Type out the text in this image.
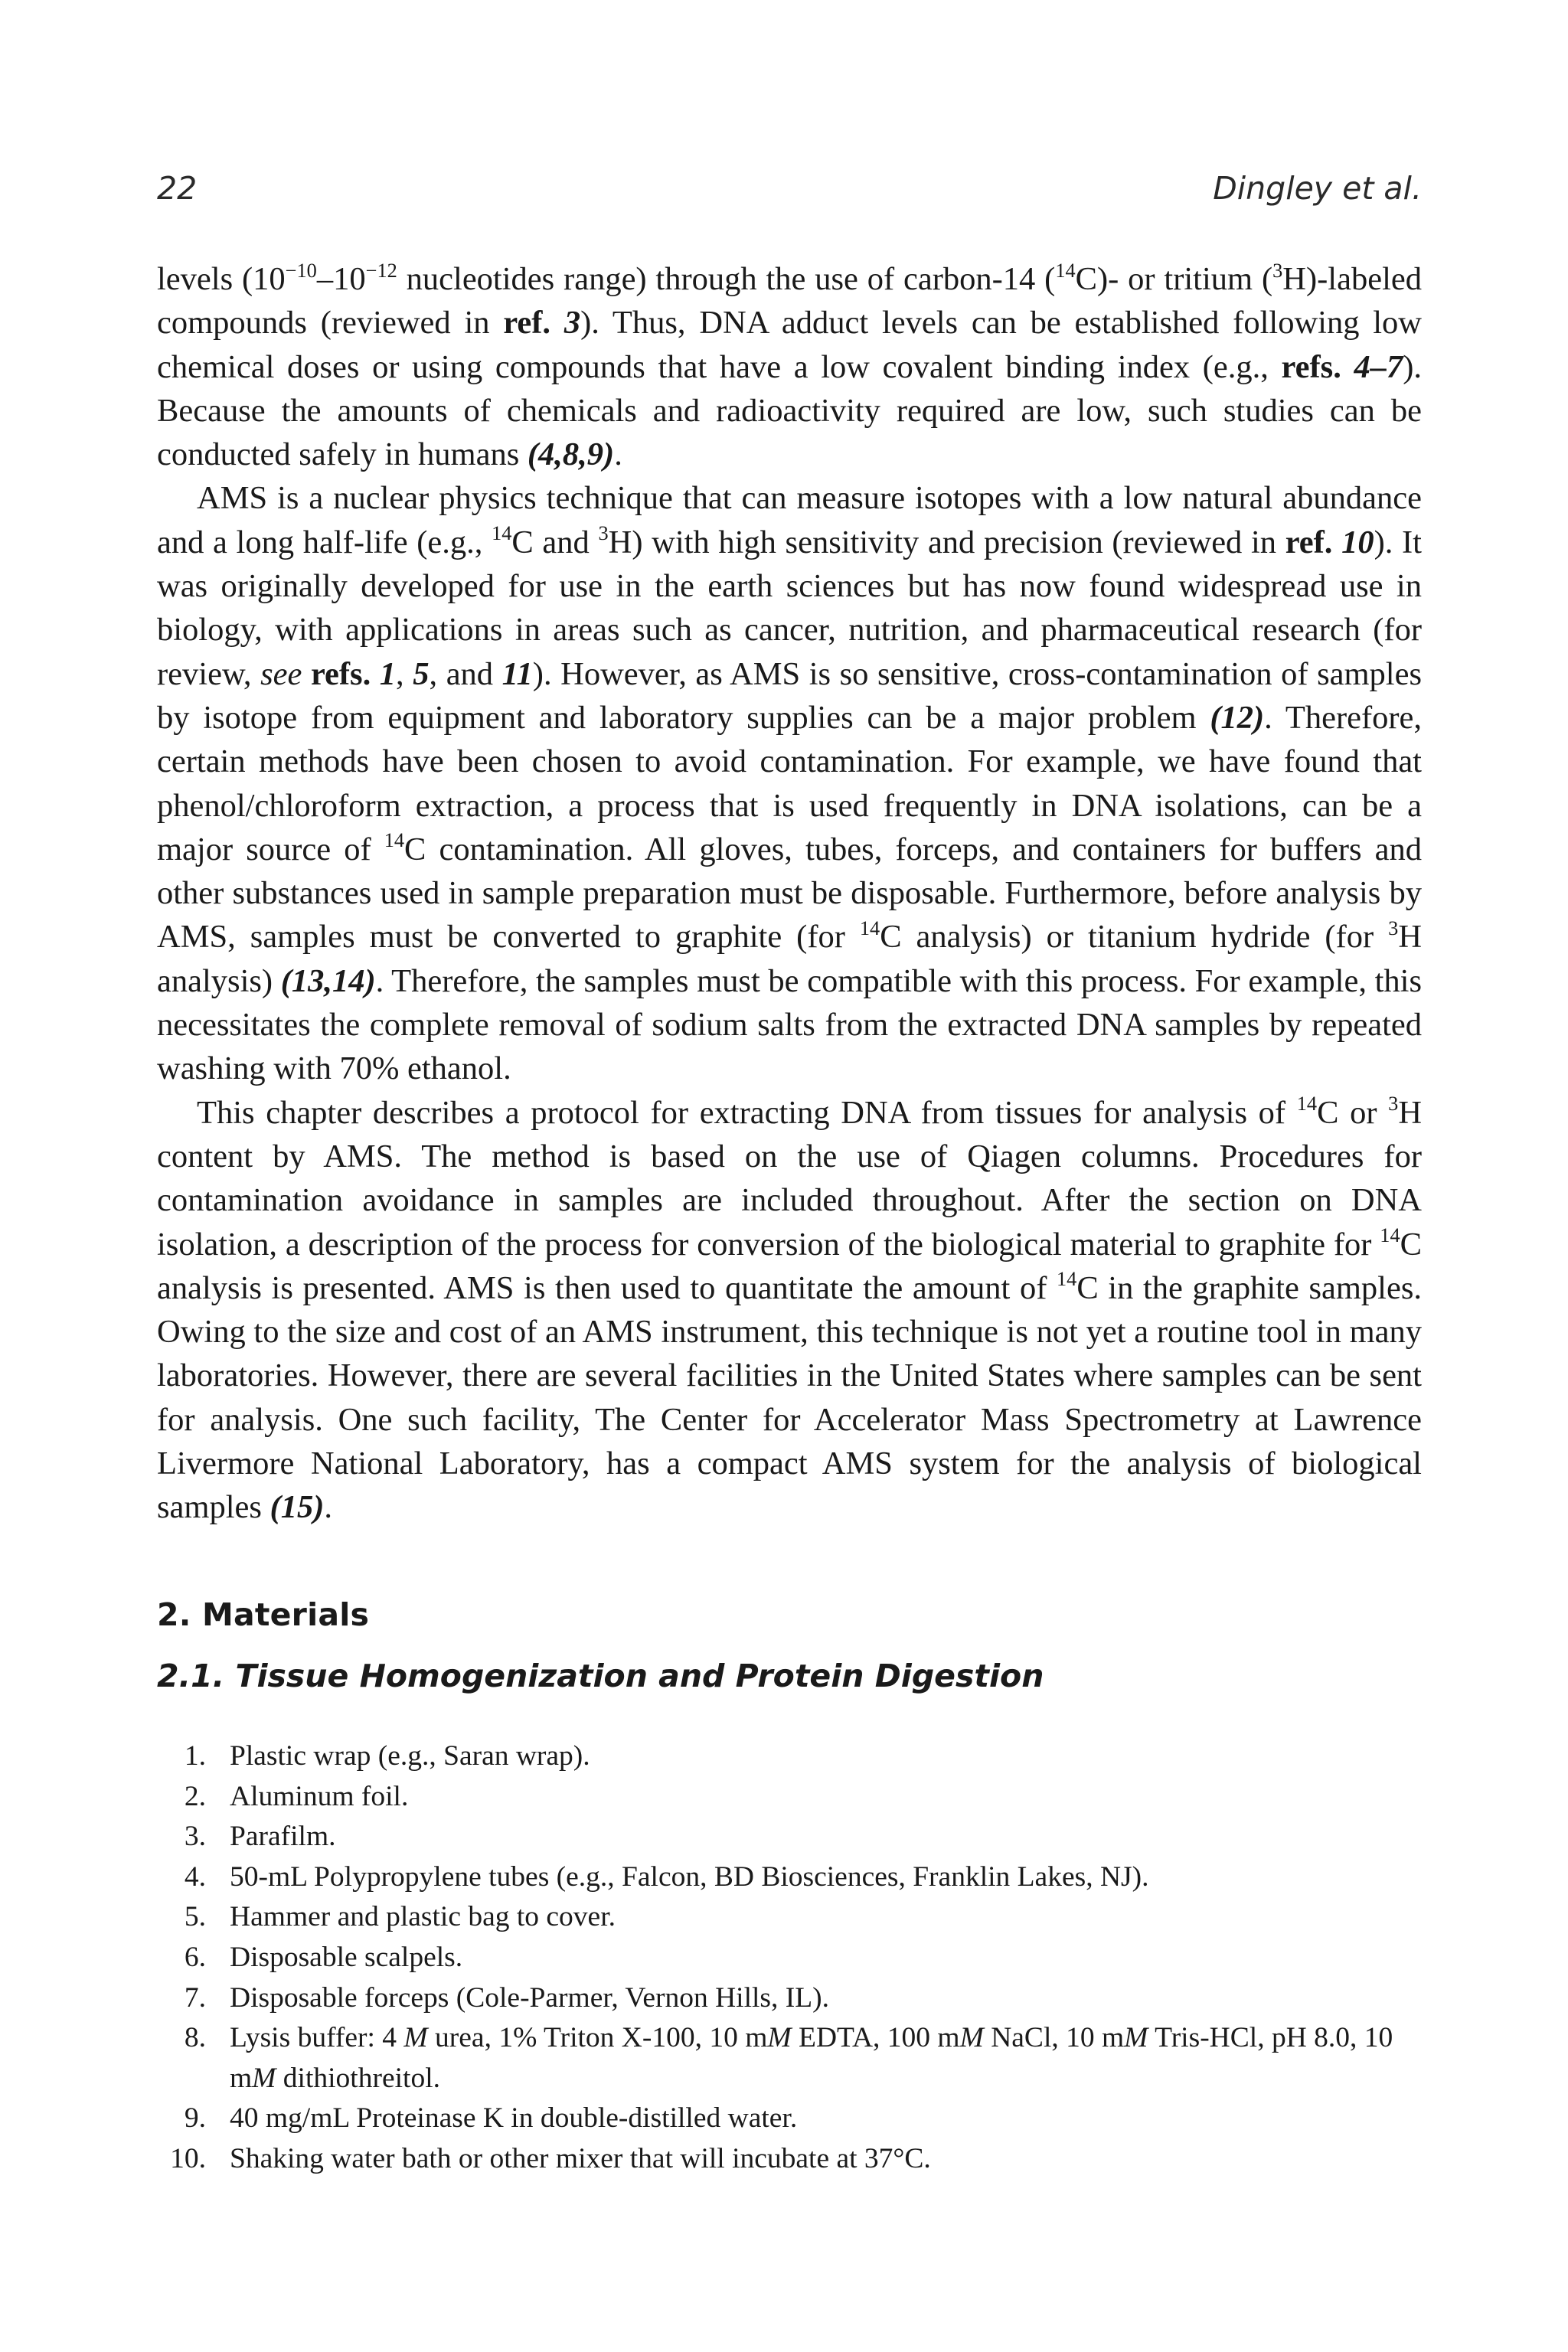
22	Dingley et al.

levels ($10^{-10}-10^{-12}$ nucleotides range) through the use of carbon-14 ($^{14}$C)- or tritium ($^3$H)-labeled compounds (reviewed in ref. 3). Thus, DNA adduct levels can be established following low chemical doses or using compounds that have a low covalent binding index (e.g., refs. 4–7). Because the amounts of chemicals and radioactivity required are low, such studies can be conducted safely in humans (4,8,9).

AMS is a nuclear physics technique that can measure isotopes with a low natural abundance and a long half-life (e.g., $^{14}$C and $^3$H) with high sensitivity and precision (reviewed in ref. 10). It was originally developed for use in the earth sciences but has now found widespread use in biology, with applications in areas such as cancer, nutrition, and pharmaceutical research (for review, see refs. 1, 5, and 11). However, as AMS is so sensitive, cross-contamination of samples by isotope from equipment and laboratory supplies can be a major problem (12). Therefore, certain methods have been chosen to avoid contamination. For example, we have found that phenol/chloroform extraction, a process that is used frequently in DNA isolations, can be a major source of $^{14}$C contamination. All gloves, tubes, forceps, and containers for buffers and other substances used in sample preparation must be disposable. Furthermore, before analysis by AMS, samples must be converted to graphite (for $^{14}$C analysis) or titanium hydride (for $^3$H analysis) (13,14). Therefore, the samples must be compatible with this process. For example, this necessitates the complete removal of sodium salts from the extracted DNA samples by repeated washing with 70% ethanol.

This chapter describes a protocol for extracting DNA from tissues for analysis of $^{14}$C or $^3$H content by AMS. The method is based on the use of Qiagen columns. Procedures for contamination avoidance in samples are included throughout. After the section on DNA isolation, a description of the process for conversion of the biological material to graphite for $^{14}$C analysis is presented. AMS is then used to quantitate the amount of $^{14}$C in the graphite samples. Owing to the size and cost of an AMS instrument, this technique is not yet a routine tool in many laboratories. However, there are several facilities in the United States where samples can be sent for analysis. One such facility, The Center for Accelerator Mass Spectrometry at Lawrence Livermore National Laboratory, has a compact AMS system for the analysis of biological samples (15).

2. Materials
2.1. Tissue Homogenization and Protein Digestion
1. Plastic wrap (e.g., Saran wrap).
2. Aluminum foil.
3. Parafilm.
4. 50-mL Polypropylene tubes (e.g., Falcon, BD Biosciences, Franklin Lakes, NJ).
5. Hammer and plastic bag to cover.
6. Disposable scalpels.
7. Disposable forceps (Cole-Parmer, Vernon Hills, IL).
8. Lysis buffer: 4 M urea, 1% Triton X-100, 10 mM EDTA, 100 mM NaCl, 10 mM Tris-HCl, pH 8.0, 10 mM dithiothreitol.
9. 40 mg/mL Proteinase K in double-distilled water.
10. Shaking water bath or other mixer that will incubate at 37°C.
